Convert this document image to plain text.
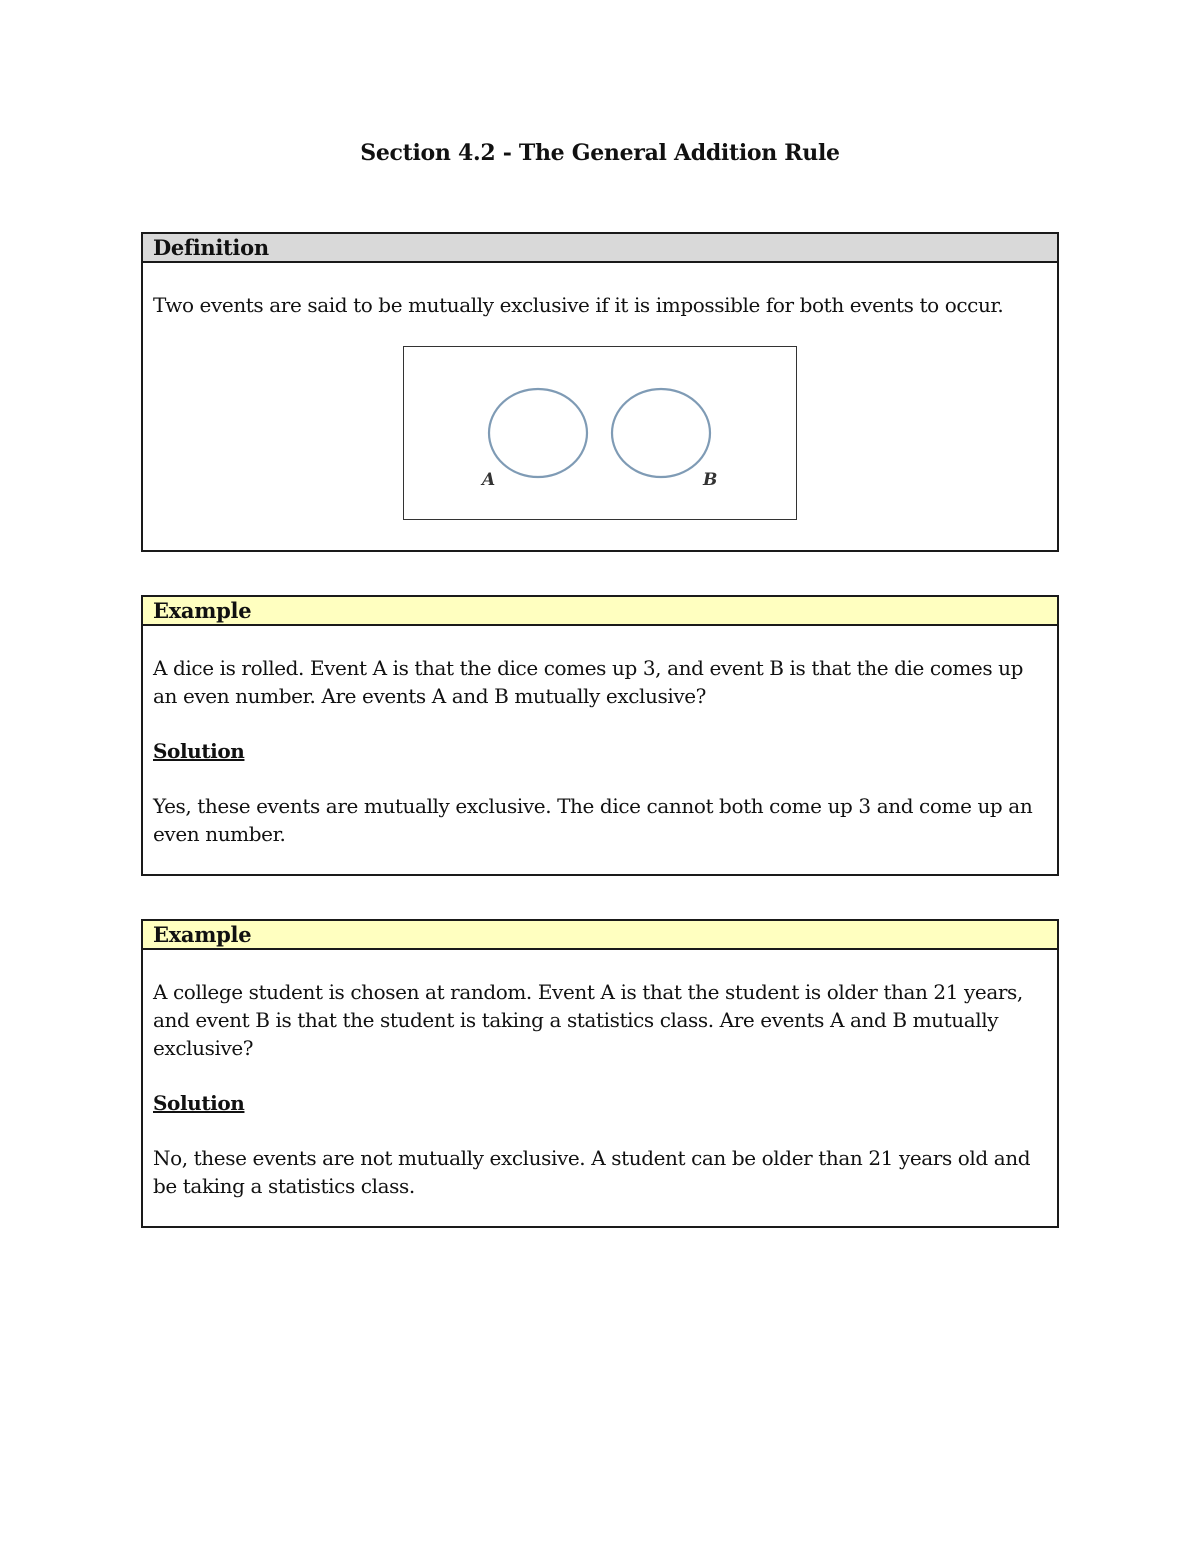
Section 4.2 - The General Addition Rule
Definition

Two events are said to be mutually exclusive if it is impossible for both events to occur.

A	B
Example

A dice is rolled. Event A is that the dice comes up 3, and event B is that the die comes up an even number. Are events A and B mutually exclusive?

Solution

Yes, these events are mutually exclusive. The dice cannot both come up 3 and come up an even number.

Example

A college student is chosen at random. Event A is that the student is older than 21 years, and event B is that the student is taking a statistics class. Are events A and B mutually exclusive?

Solution

No, these events are not mutually exclusive. A student can be older than 21 years old and be taking a statistics class.
